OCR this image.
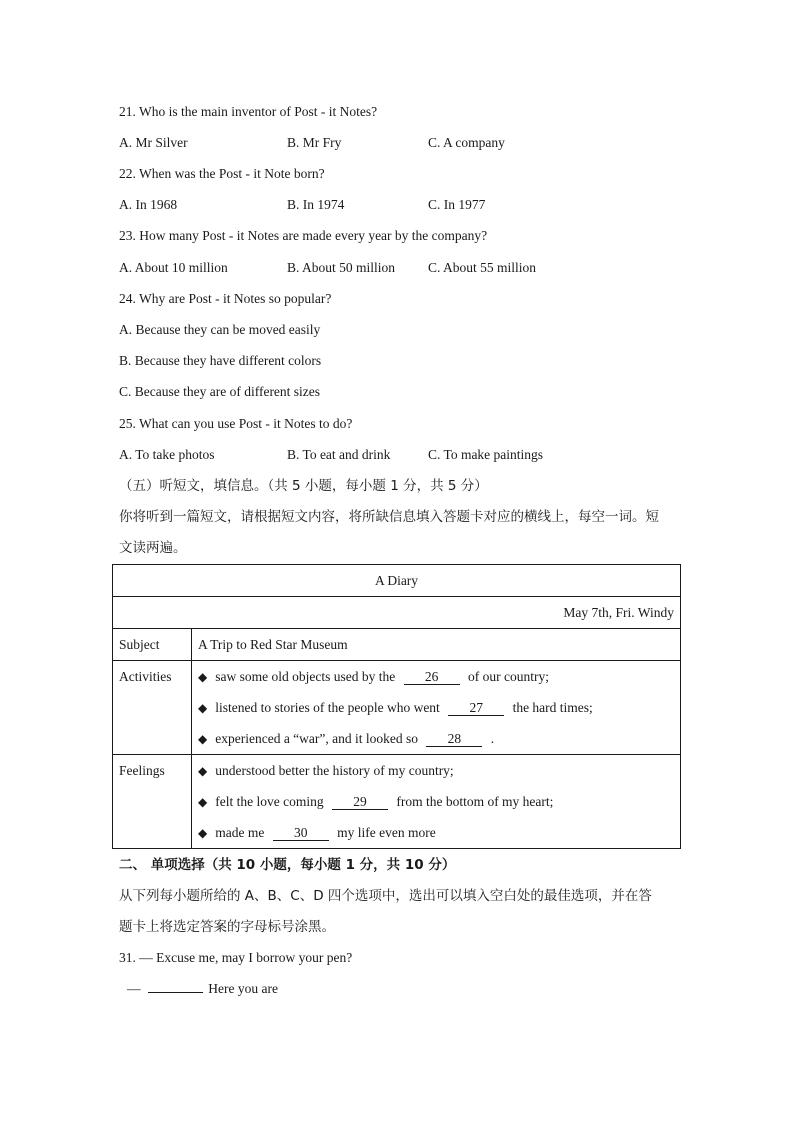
21. Who is the main inventor of Post - it Notes?
A. Mr Silver	B. Mr Fry	C. A company
22. When was the Post - it Note born?
A. In 1968	B. In 1974	C. In 1977
23. How many Post - it Notes are made every year by the company?
A. About 10 million	B. About 50 million C. About 55 million
24. Why are Post - it Notes so popular?
A. Because they can be moved easily
B. Because they have different colors
C. Because they are of different sizes
25. What can you use Post - it Notes to do?
A. To take photos	B. To eat and drink	C. To make paintings
（五）听短文，填信息。（共 5 小题，每小题 1 分，共 5 分）
你将听到一篇短文，请根据短文内容，将所缺信息填入答题卡对应的横线上，每空一词。短
文读两遍。
A Diary	
May 7th, Fri. Windy	
Subject	A Trip to Red Star Museum
Activities	◆ saw some old objects used by the 26 of our country;
◆ listened to stories of the people who went 27 the hard times;
◆ experienced a “war”, and it looked so 28 .

Feelings	◆ understood better the history of my country;
◆ felt the love coming 29 from the bottom of my heart;
◆ made me 30 my life even more
二、 单项选择（共 10 小题，每小题 1 分，共 10 分）
从下列每小题所给的 A、B、C、D 四个选项中，选出可以填入空白处的最佳选项，并在答
题卡上将选定答案的字母标号涂黑。
31. — Excuse me, may I borrow your pen?
—	Here you are
